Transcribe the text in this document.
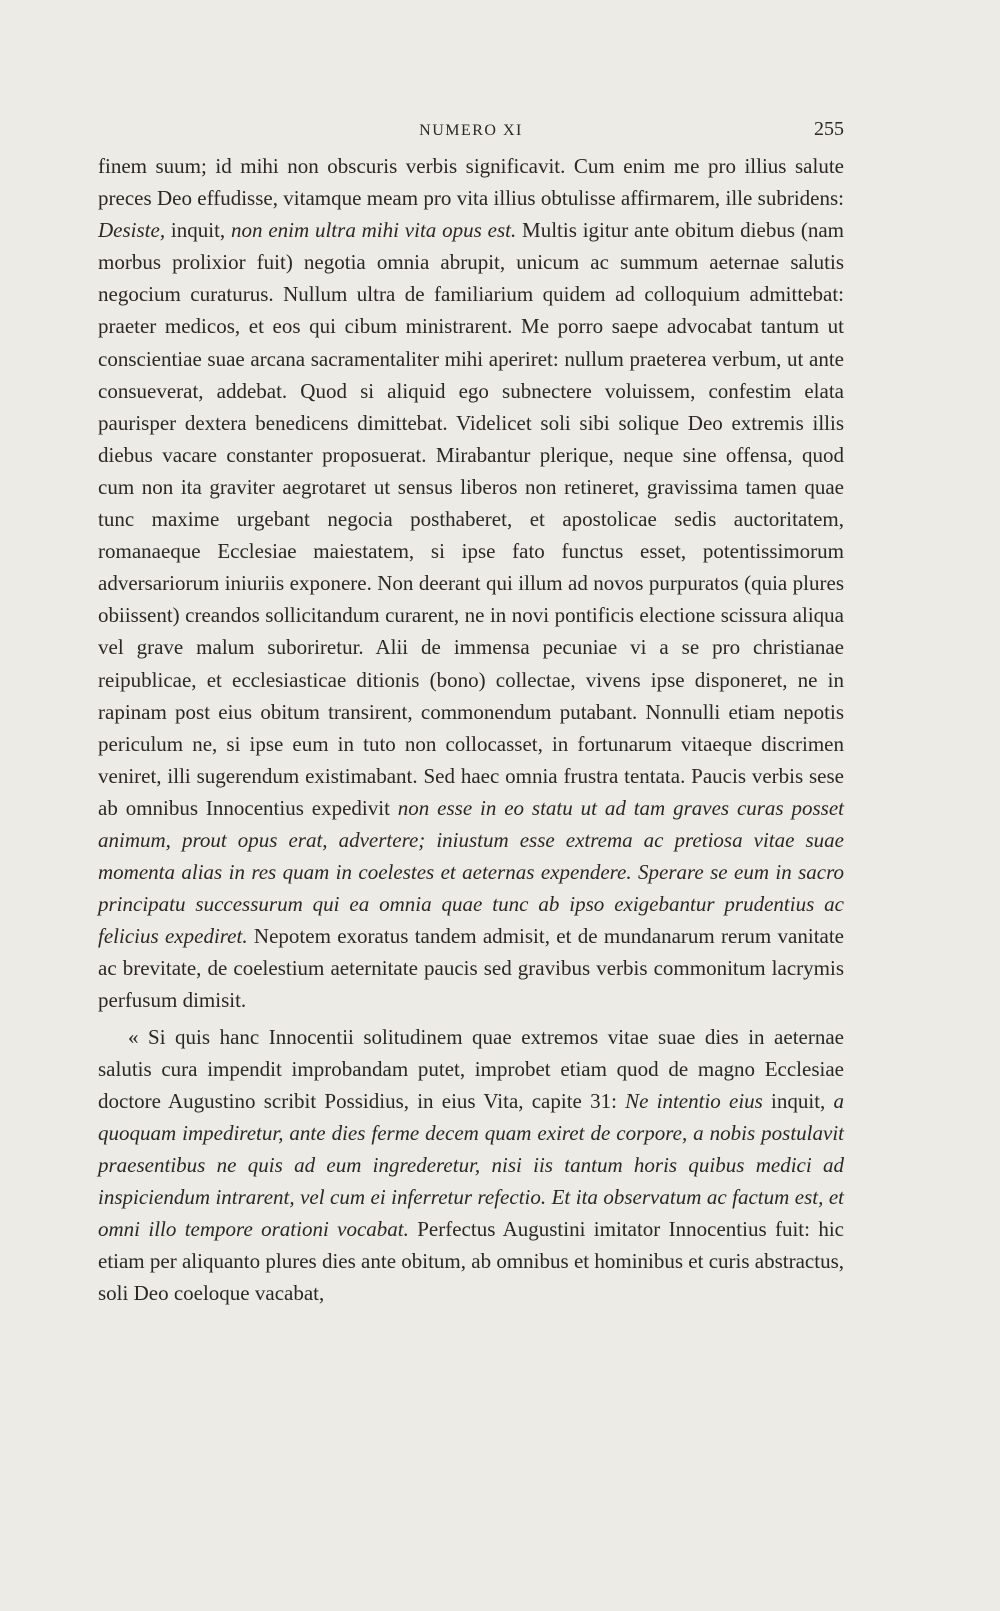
NUMERO XI	255

finem suum; id mihi non obscuris verbis significavit. Cum enim me pro illius salute preces Deo effudisse, vitamque meam pro vita illius obtulisse affirmarem, ille subridens: Desiste, inquit, non enim ultra mihi vita opus est. Multis igitur ante obitum diebus (nam morbus prolixior fuit) negotia omnia abrupit, unicum ac summum aeternae salutis negocium curaturus. Nullum ultra de familiarium quidem ad colloquium admittebat: praeter medicos, et eos qui cibum ministrarent. Me porro saepe advocabat tantum ut conscientiae suae arcana sacramentaliter mihi aperiret: nullum praeterea verbum, ut ante consueverat, addebat. Quod si aliquid ego subnectere voluissem, confestim elata paurisper dextera benedicens dimittebat. Videlicet soli sibi solique Deo extremis illis diebus vacare constanter proposuerat. Mirabantur plerique, neque sine offensa, quod cum non ita graviter aegrotaret ut sensus liberos non retineret, gravissima tamen quae tunc maxime urgebant negocia posthaberet, et apostolicae sedis auctoritatem, romanaeque Ecclesiae maiestatem, si ipse fato functus esset, potentissimorum adversariorum iniuriis exponere. Non deerant qui illum ad novos purpuratos (quia plures obiissent) creandos sollicitandum curarent, ne in novi pontificis electione scissura aliqua vel grave malum suboriretur. Alii de immensa pecuniae vi a se pro christianae reipublicae, et ecclesiasticae ditionis (bono) collectae, vivens ipse disponeret, ne in rapinam post eius obitum transirent, commonendum putabant. Nonnulli etiam nepotis periculum ne, si ipse eum in tuto non collocasset, in fortunarum vitaeque discrimen veniret, illi sugerendum existimabant. Sed haec omnia frustra tentata. Paucis verbis sese ab omnibus Innocentius expedivit non esse in eo statu ut ad tam graves curas posset animum, prout opus erat, advertere; iniustum esse extrema ac pretiosa vitae suae momenta alias in res quam in coelestes et aeternas expendere. Sperare se eum in sacro principatu successurum qui ea omnia quae tunc ab ipso exigebantur prudentius ac felicius expediret. Nepotem exoratus tandem admisit, et de mundanarum rerum vanitate ac brevitate, de coelestium aeternitate paucis sed gravibus verbis commonitum lacrymis perfusum dimisit.

« Si quis hanc Innocentii solitudinem quae extremos vitae suae dies in aeternae salutis cura impendit improbandam putet, improbet etiam quod de magno Ecclesiae doctore Augustino scribit Possidius, in eius Vita, capite 31: Ne intentio eius inquit, a quoquam impediretur, ante dies ferme decem quam exiret de corpore, a nobis postulavit praesentibus ne quis ad eum ingrederetur, nisi iis tantum horis quibus medici ad inspiciendum intrarent, vel cum ei inferretur refectio. Et ita observatum ac factum est, et omni illo tempore orationi vocabat. Perfectus Augustini imitator Innocentius fuit: hic etiam per aliquanto plures dies ante obitum, ab omnibus et hominibus et curis abstractus, soli Deo coeloque vacabat,
